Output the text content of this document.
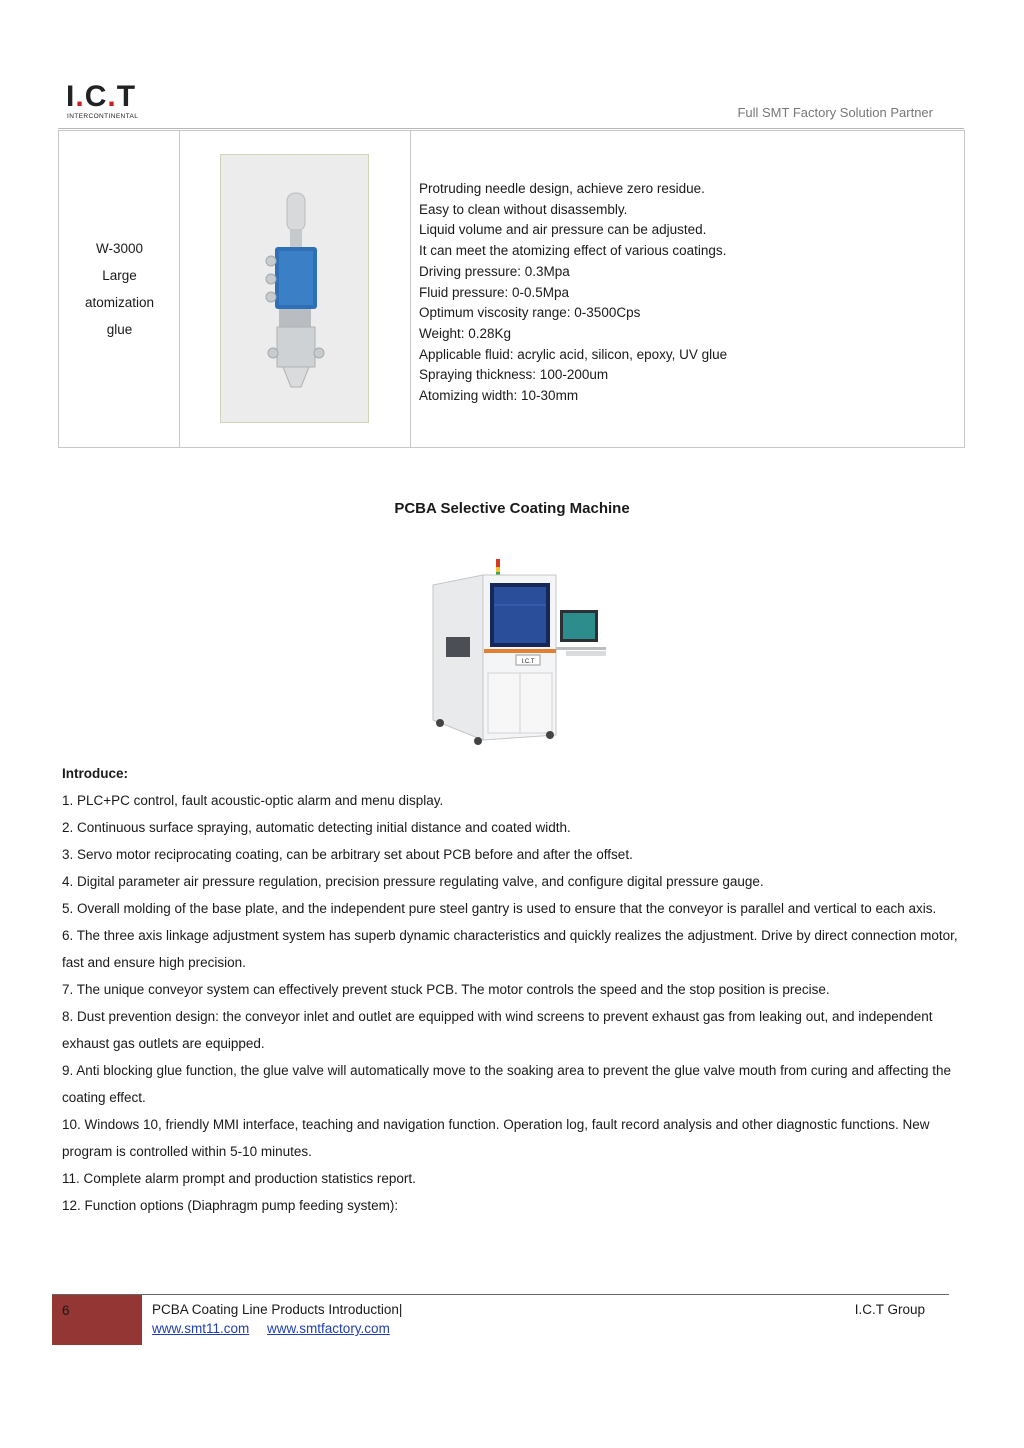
I.C.T
INTERCONTINENTAL	Full SMT Factory Solution Partner
W-3000
Large
atomization
glue
Protruding needle design, achieve zero residue.
Easy to clean without disassembly.
Liquid volume and air pressure can be adjusted.
It can meet the atomizing effect of various coatings.
Driving pressure: 0.3Mpa
Fluid pressure: 0-0.5Mpa
Optimum viscosity range: 0-3500Cps
Weight: 0.28Kg
Applicable fluid: acrylic acid, silicon, epoxy, UV glue
Spraying thickness: 100-200um
Atomizing width: 10-30mm
PCBA Selective Coating Machine
I.C.T
Introduce:
1. PLC+PC control, fault acoustic-optic alarm and menu display.
2. Continuous surface spraying, automatic detecting initial distance and coated width.
3. Servo motor reciprocating coating, can be arbitrary set about PCB before and after the offset.
4. Digital parameter air pressure regulation, precision pressure regulating valve, and configure digital pressure gauge.
5. Overall molding of the base plate, and the independent pure steel gantry is used to ensure that the conveyor is parallel and vertical to each axis.
6. The three axis linkage adjustment system has superb dynamic characteristics and quickly realizes the adjustment. Drive by direct connection motor, fast and ensure high precision.
7. The unique conveyor system can effectively prevent stuck PCB. The motor controls the speed and the stop position is precise.
8. Dust prevention design: the conveyor inlet and outlet are equipped with wind screens to prevent exhaust gas from leaking out, and independent exhaust gas outlets are equipped.
9. Anti blocking glue function, the glue valve will automatically move to the soaking area to prevent the glue valve mouth from curing and affecting the coating effect.
10. Windows 10, friendly MMI interface, teaching and navigation function. Operation log, fault record analysis and other diagnostic functions. New program is controlled within 5-10 minutes.
11. Complete alarm prompt and production statistics report.
12. Function options (Diaphragm pump feeding system):
6	PCBA Coating Line Products Introduction|
www.smt11.com www.smtfactory.com
I.C.T Group
